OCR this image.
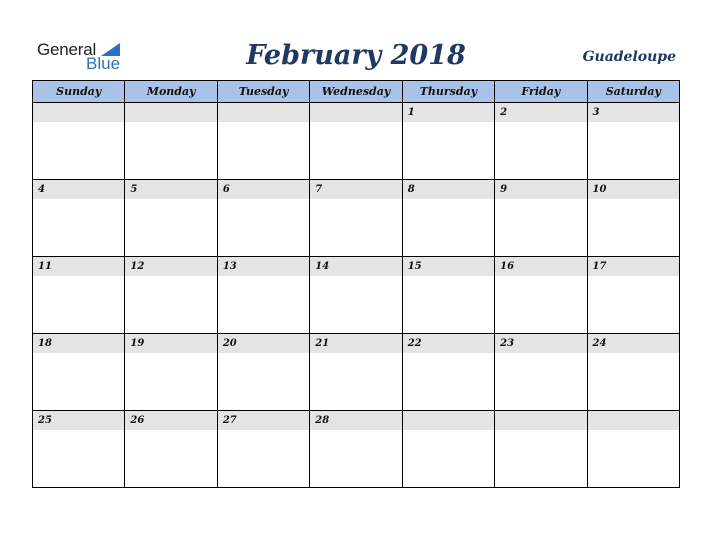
General
Blue	February 2018	Guadeloupe
Sunday	Monday	Tuesday	Wednesday	Thursday	Friday	Saturday

				1	2	3

4	5	6	7	8	9	10

11	12	13	14	15	16	17

18	19	20	21	22	23	24

25	26	27	28			
